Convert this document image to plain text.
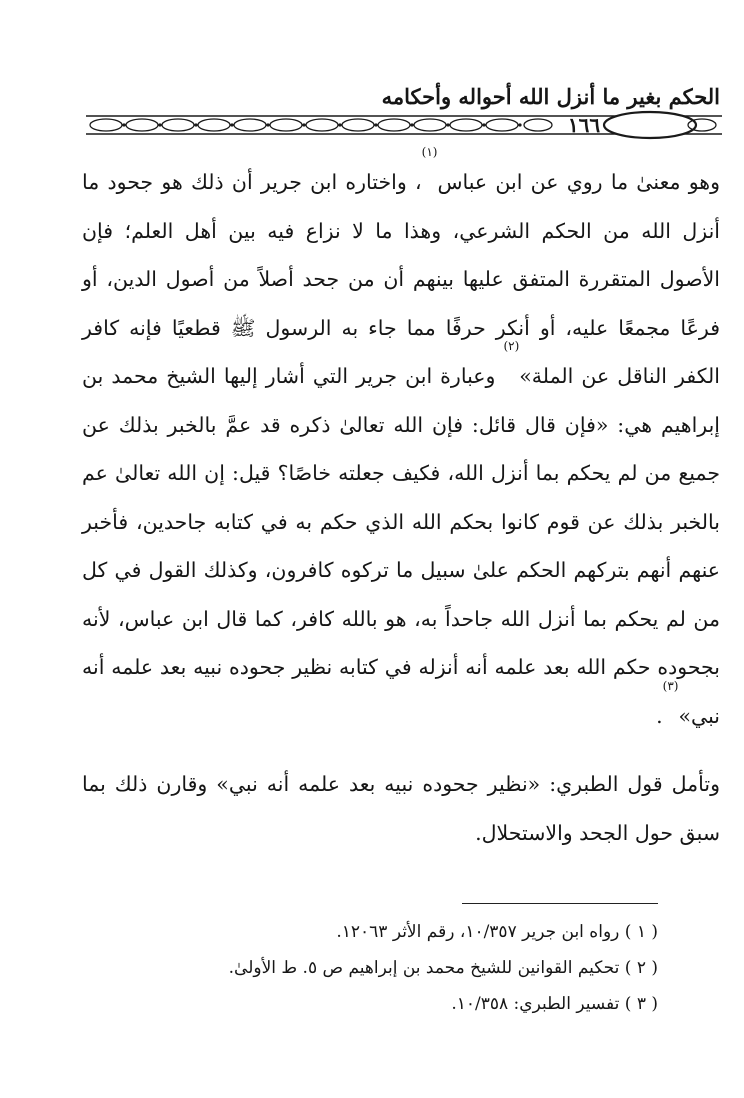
الحكم بغير ما أنزل الله أحواله وأحكامه
١٦٦

وهو معنىٰ ما روي عن ابن عباس$^{(١)}$، واختاره ابن جرير أن ذلك هو جحود ما أنزل الله من الحكم الشرعي، وهذا ما لا نزاع فيه بين أهل العلم؛ فإن الأصول المتقررة المتفق عليها بينهم أن من جحد أصلاً من أصول الدين، أو فرعًا مجمعًا عليه، أو أنكر حرفًا مما جاء به الرسول ﷺ قطعيًا فإنه كافر الكفر الناقل عن الملة»$^{(٢)}$ وعبارة ابن جرير التي أشار إليها الشيخ محمد بن إبراهيم هي: «فإن قال قائل: فإن الله تعالىٰ ذكره قد عمَّ بالخبر بذلك عن جميع من لم يحكم بما أنزل الله، فكيف جعلته خاصًا؟ قيل: إن الله تعالىٰ عم بالخبر بذلك عن قوم كانوا بحكم الله الذي حكم به في كتابه جاحدين، فأخبر عنهم أنهم بتركهم الحكم علىٰ سبيل ما تركوه كافرون، وكذلك القول في كل من لم يحكم بما أنزل الله جاحداً به، هو بالله كافر، كما قال ابن عباس، لأنه بجحوده حكم الله بعد علمه أنه أنزله في كتابه نظير جحوده نبيه بعد علمه أنه نبي»$^{(٣)}$.

وتأمل قول الطبري: «نظير جحوده نبيه بعد علمه أنه نبي» وقارن ذلك بما سبق حول الجحد والاستحلال.

( ١ ) رواه ابن جرير ١٠/٣٥٧، رقم الأثر ١٢٠٦٣.

( ٢ ) تحكيم القوانين للشيخ محمد بن إبراهيم ص ٥. ط الأولىٰ.

( ٣ ) تفسير الطبري: ١٠/٣٥٨.
